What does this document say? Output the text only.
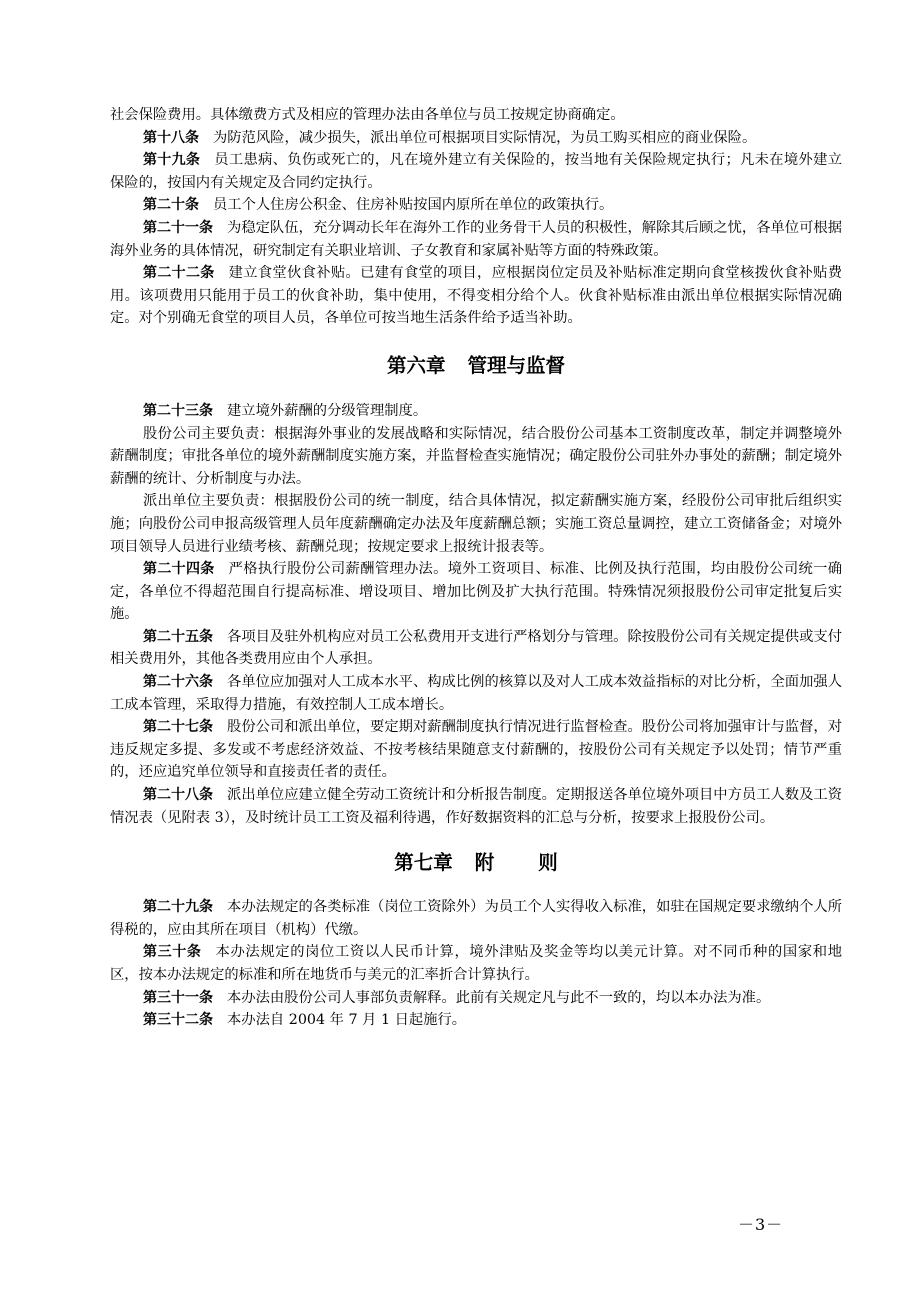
社会保险费用。具体缴费方式及相应的管理办法由各单位与员工按规定协商确定。

第十八条 为防范风险，减少损失，派出单位可根据项目实际情况，为员工购买相应的商业保险。

第十九条 员工患病、负伤或死亡的，凡在境外建立有关保险的，按当地有关保险规定执行；凡未在境外建立保险的，按国内有关规定及合同约定执行。

第二十条 员工个人住房公积金、住房补贴按国内原所在单位的政策执行。

第二十一条 为稳定队伍，充分调动长年在海外工作的业务骨干人员的积极性，解除其后顾之忧，各单位可根据海外业务的具体情况，研究制定有关职业培训、子女教育和家属补贴等方面的特殊政策。

第二十二条 建立食堂伙食补贴。已建有食堂的项目，应根据岗位定员及补贴标准定期向食堂核拨伙食补贴费用。该项费用只能用于员工的伙食补助，集中使用，不得变相分给个人。伙食补贴标准由派出单位根据实际情况确定。对个别确无食堂的项目人员，各单位可按当地生活条件给予适当补助。

第六章 管理与监督

第二十三条 建立境外薪酬的分级管理制度。

股份公司主要负责：根据海外事业的发展战略和实际情况，结合股份公司基本工资制度改革，制定并调整境外薪酬制度；审批各单位的境外薪酬制度实施方案，并监督检查实施情况；确定股份公司驻外办事处的薪酬；制定境外薪酬的统计、分析制度与办法。

派出单位主要负责：根据股份公司的统一制度，结合具体情况，拟定薪酬实施方案，经股份公司审批后组织实施；向股份公司申报高级管理人员年度薪酬确定办法及年度薪酬总额；实施工资总量调控，建立工资储备金；对境外项目领导人员进行业绩考核、薪酬兑现；按规定要求上报统计报表等。

第二十四条 严格执行股份公司薪酬管理办法。境外工资项目、标准、比例及执行范围，均由股份公司统一确定，各单位不得超范围自行提高标准、增设项目、增加比例及扩大执行范围。特殊情况须报股份公司审定批复后实施。

第二十五条 各项目及驻外机构应对员工公私费用开支进行严格划分与管理。除按股份公司有关规定提供或支付相关费用外，其他各类费用应由个人承担。

第二十六条 各单位应加强对人工成本水平、构成比例的核算以及对人工成本效益指标的对比分析，全面加强人工成本管理，采取得力措施，有效控制人工成本增长。

第二十七条 股份公司和派出单位，要定期对薪酬制度执行情况进行监督检查。股份公司将加强审计与监督，对违反规定多提、多发或不考虑经济效益、不按考核结果随意支付薪酬的，按股份公司有关规定予以处罚；情节严重的，还应追究单位领导和直接责任者的责任。

第二十八条 派出单位应建立健全劳动工资统计和分析报告制度。定期报送各单位境外项目中方员工人数及工资情况表（见附表 3），及时统计员工工资及福利待遇，作好数据资料的汇总与分析，按要求上报股份公司。

第七章 附 则

第二十九条 本办法规定的各类标准（岗位工资除外）为员工个人实得收入标准，如驻在国规定要求缴纳个人所得税的，应由其所在项目（机构）代缴。

第三十条 本办法规定的岗位工资以人民币计算，境外津贴及奖金等均以美元计算。对不同币种的国家和地区，按本办法规定的标准和所在地货币与美元的汇率折合计算执行。

第三十一条 本办法由股份公司人事部负责解释。此前有关规定凡与此不一致的，均以本办法为准。

第三十二条 本办法自 2004 年 7 月 1 日起施行。

－3－
